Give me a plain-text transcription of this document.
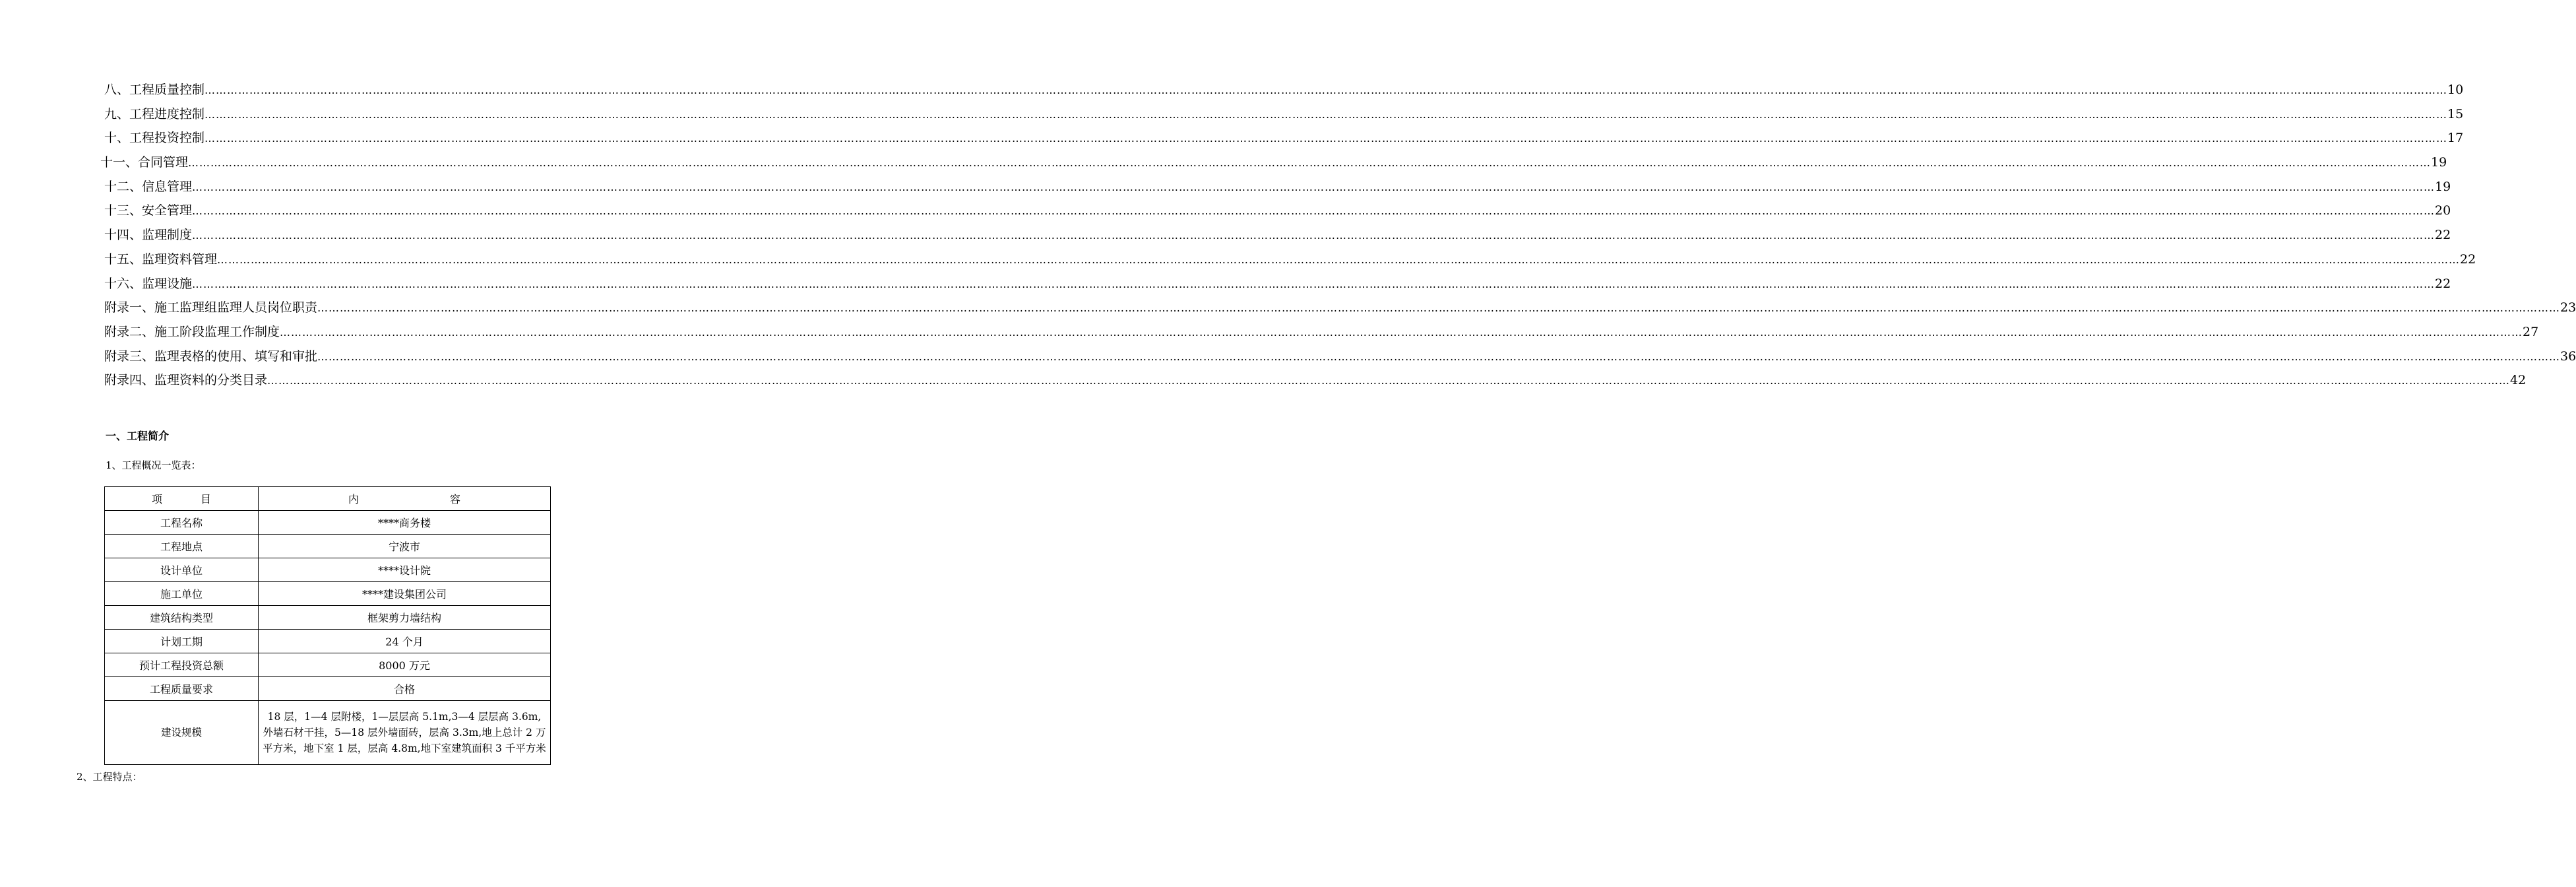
八、工程质量控制 …………………………………………………………………………………………………………………………………………………………………………………………………………………………………………………………………………………………………………………………………………………………………………………………………………………………………………………………………………………………………………………………………………………… 10
九、工程进度控制 …………………………………………………………………………………………………………………………………………………………………………………………………………………………………………………………………………………………………………………………………………………………………………………………………………………………………………………………………………………………………………………………………………………… 15
十、工程投资控制 …………………………………………………………………………………………………………………………………………………………………………………………………………………………………………………………………………………………………………………………………………………………………………………………………………………………………………………………………………………………………………………………………………………… 17
十一、合同管理 …………………………………………………………………………………………………………………………………………………………………………………………………………………………………………………………………………………………………………………………………………………………………………………………………………………………………………………………………………………………………………………………………………………… 19
十二、信息管理 …………………………………………………………………………………………………………………………………………………………………………………………………………………………………………………………………………………………………………………………………………………………………………………………………………………………………………………………………………………………………………………………………………………… 19
十三、安全管理 …………………………………………………………………………………………………………………………………………………………………………………………………………………………………………………………………………………………………………………………………………………………………………………………………………………………………………………………………………………………………………………………………………………… 20
十四、监理制度 …………………………………………………………………………………………………………………………………………………………………………………………………………………………………………………………………………………………………………………………………………………………………………………………………………………………………………………………………………………………………………………………………………………… 22
十五、监理资料管理 …………………………………………………………………………………………………………………………………………………………………………………………………………………………………………………………………………………………………………………………………………………………………………………………………………………………………………………………………………………………………………………………………………………… 22
十六、监理设施 …………………………………………………………………………………………………………………………………………………………………………………………………………………………………………………………………………………………………………………………………………………………………………………………………………………………………………………………………………………………………………………………………………………… 22
附录一、施工监理组监理人员岗位职责 …………………………………………………………………………………………………………………………………………………………………………………………………………………………………………………………………………………………………………………………………………………………………………………………………………………………………………………………………………………………………………………………………………………… 23
附录二、施工阶段监理工作制度 …………………………………………………………………………………………………………………………………………………………………………………………………………………………………………………………………………………………………………………………………………………………………………………………………………………………………………………………………………………………………………………………………………………… 27
附录三、监理表格的使用、填写和审批 …………………………………………………………………………………………………………………………………………………………………………………………………………………………………………………………………………………………………………………………………………………………………………………………………………………………………………………………………………………………………………………………………………………… 36
附录四、监理资料的分类目录 …………………………………………………………………………………………………………………………………………………………………………………………………………………………………………………………………………………………………………………………………………………………………………………………………………………………………………………………………………………………………………………………………………………… 42
一、工程简介
1、工程概况一览表：
项目	内容
工程名称	****商务楼
工程地点	宁波市
设计单位	****设计院
施工单位	****建设集团公司
建筑结构类型	框架剪力墙结构
计划工期	24 个月
预计工程投资总额	8000 万元
工程质量要求	合格
建设规模	18 层，1—4 层附楼，1—层层高 5.1m,3—4 层层高 3.6m,外墙石材干挂，5—18 层外墙面砖，层高 3.3m,地上总计 2 万平方米，地下室 1 层，层高 4.8m,地下室建筑面积 3 千平方米
2、工程特点：
